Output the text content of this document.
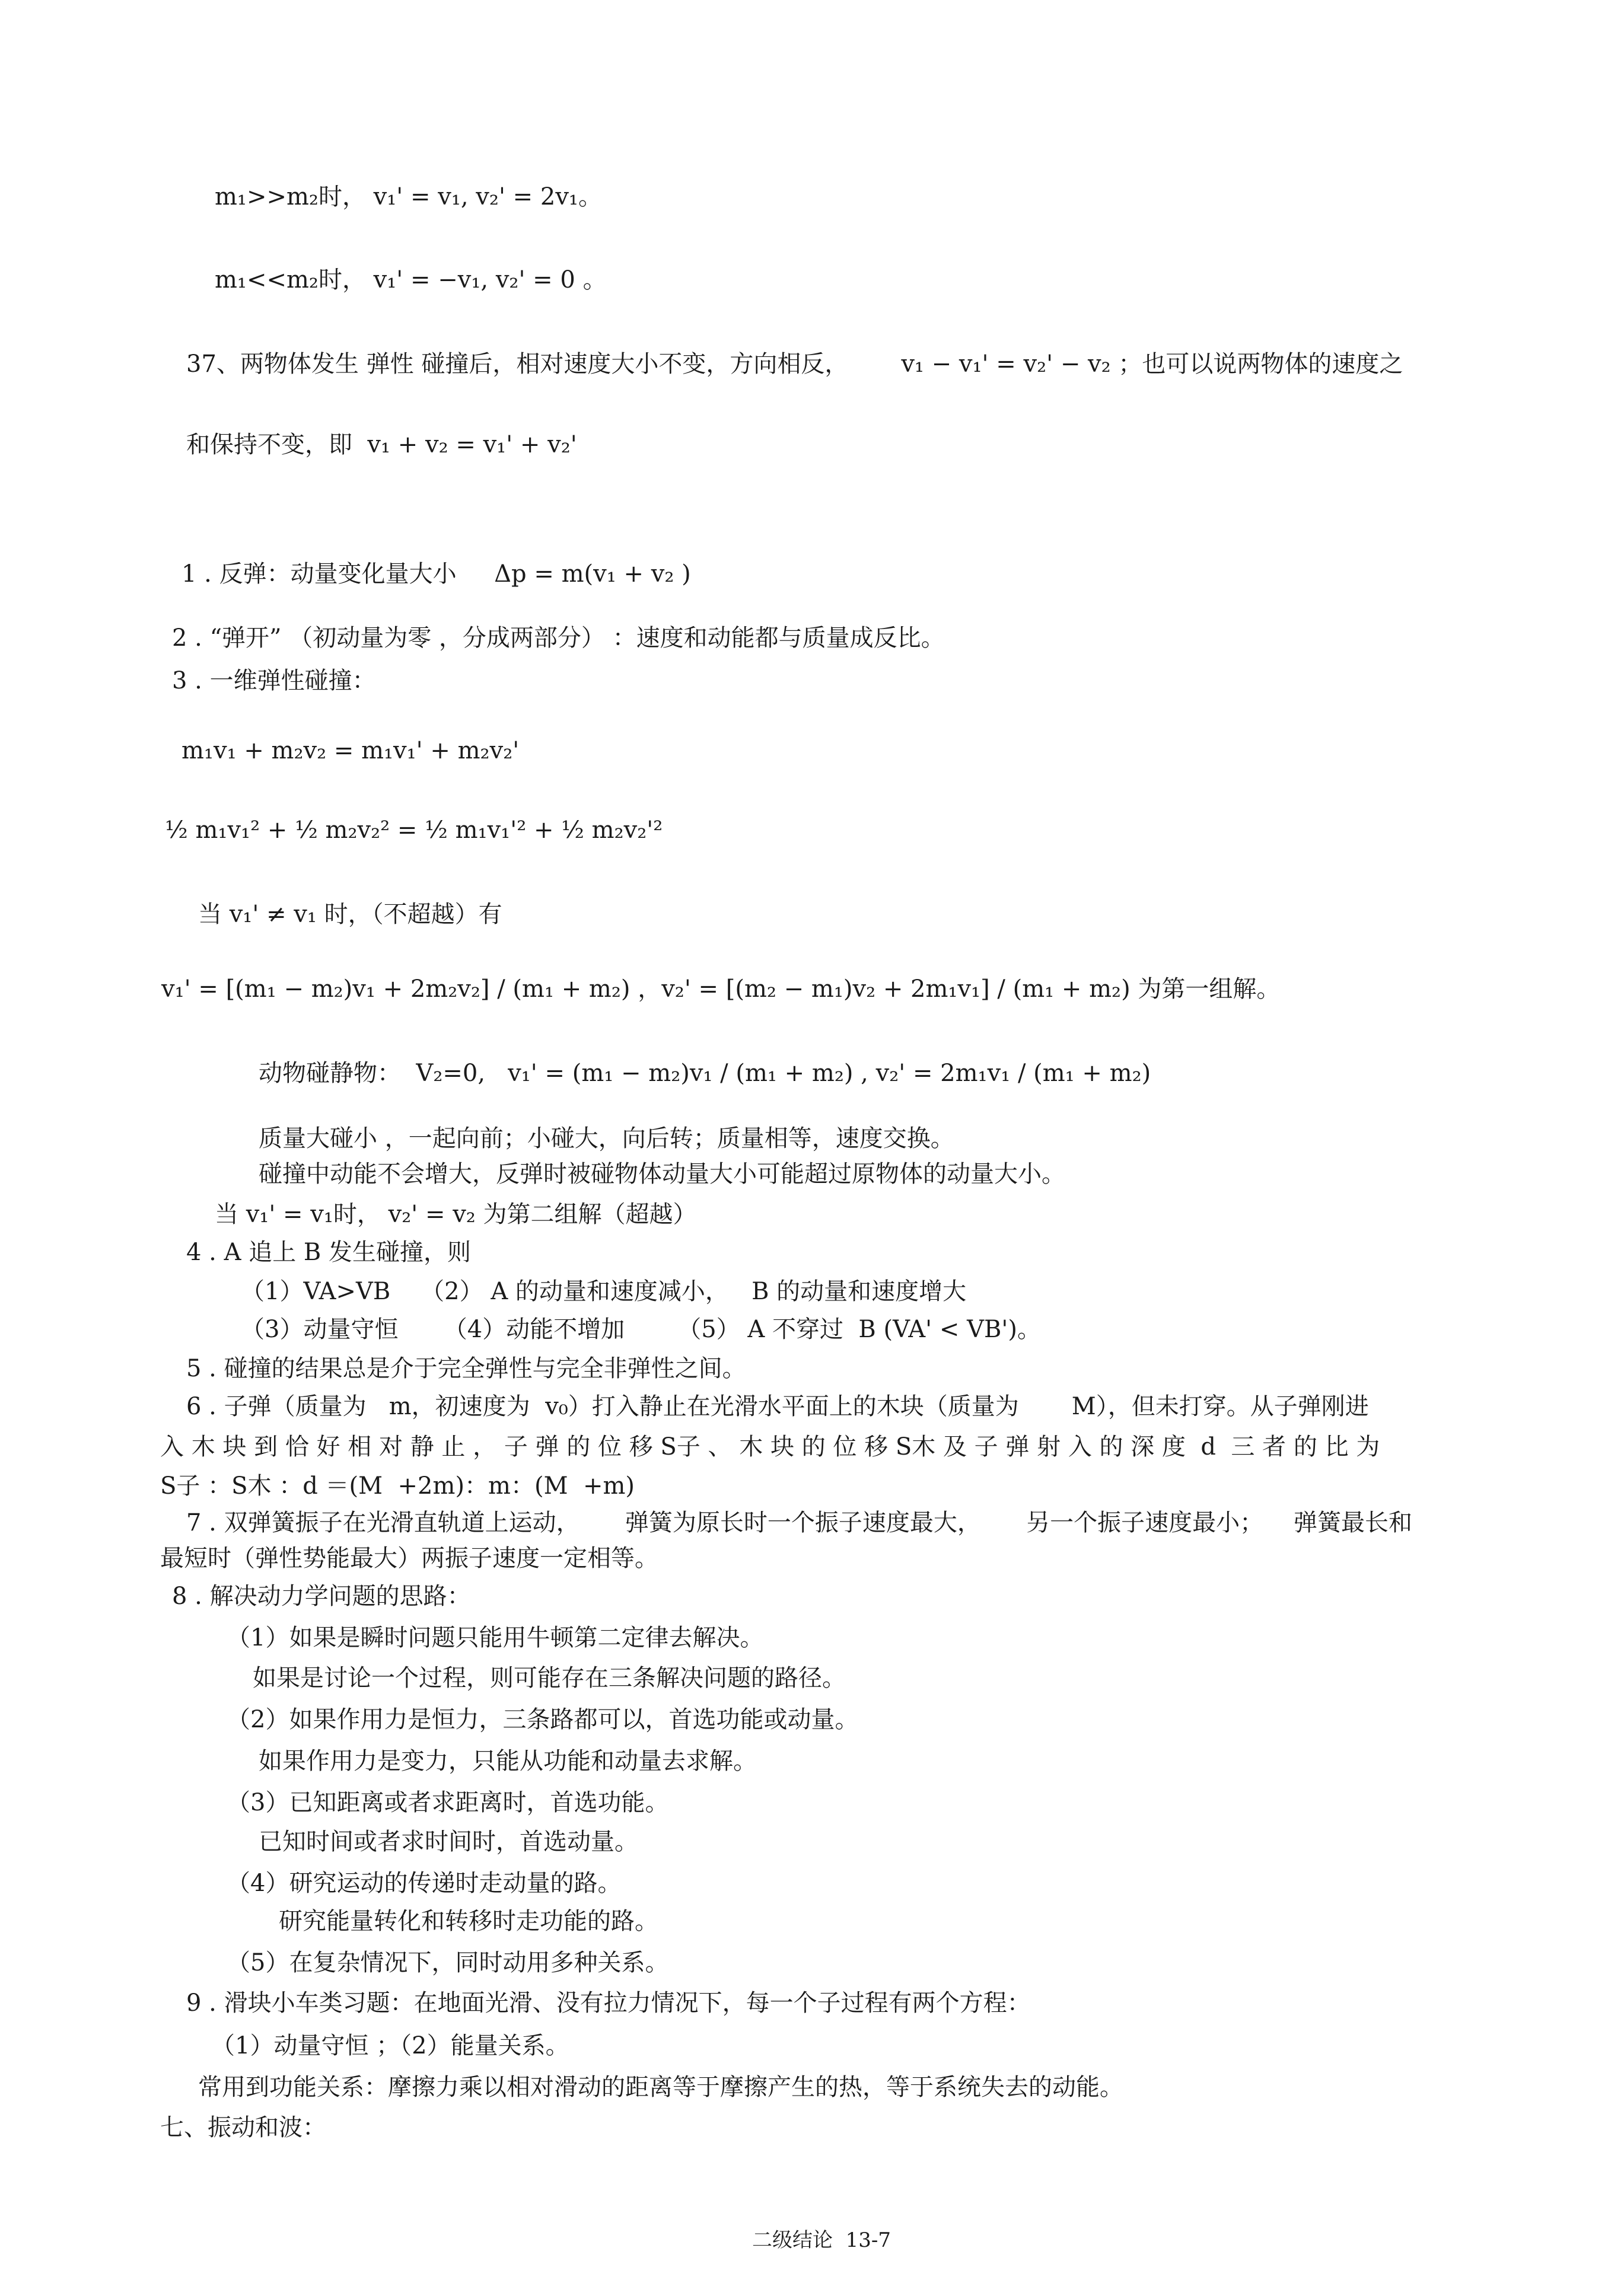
m₁>>m₂时， v₁' = v₁, v₂' = 2v₁。
m₁<<m₂时， v₁' = −v₁, v₂' = 0 。
37、两物体发生 弹性 碰撞后，相对速度大小不变，方向相反，       v₁ − v₁' = v₂' − v₂ ；也可以说两物体的速度之
和保持不变，即  v₁ + v₂ = v₁' + v₂'
1 . 反弹：动量变化量大小     Δp = m(v₁ + v₂ )
2 . “弹开” （初动量为零 ，分成两部分） ：速度和动能都与质量成反比。
3 . 一维弹性碰撞：
m₁v₁ + m₂v₂ = m₁v₁' + m₂v₂'
½ m₁v₁² + ½ m₂v₂² = ½ m₁v₁'² + ½ m₂v₂'²
当 v₁' ≠ v₁ 时，（不超越）有
v₁' = [(m₁ − m₂)v₁ + 2m₂v₂] / (m₁ + m₂) ，v₂' = [(m₂ − m₁)v₂ + 2m₁v₁] / (m₁ + m₂) 为第一组解。
动物碰静物：  V₂=0,   v₁' = (m₁ − m₂)v₁ / (m₁ + m₂) , v₂' = 2m₁v₁ / (m₁ + m₂)
质量大碰小 ，一起向前；小碰大，向后转；质量相等，速度交换。
碰撞中动能不会增大，反弹时被碰物体动量大小可能超过原物体的动量大小。
当 v₁' = v₁时， v₂' = v₂ 为第二组解（超越）
4 . A 追上 B 发生碰撞，则
（1）VA>VB    （2） A 的动量和速度减小，   B 的动量和速度增大
（3）动量守恒      （4）动能不增加       （5） A 不穿过  B (VA' < VB')。
5 . 碰撞的结果总是介于完全弹性与完全非弹性之间。
6 . 子弹（质量为   m，初速度为  v₀）打入静止在光滑水平面上的木块（质量为       M），但未打穿。从子弹刚进
入 木 块 到 恰 好 相 对 静 止 ， 子 弹 的 位 移 S子 、 木 块 的 位 移 S木 及 子 弹 射 入 的 深 度  d  三 者 的 比 为
S子 ：S木 ：d ＝(M  +2m)：m：(M  +m)
7 . 双弹簧振子在光滑直轨道上运动，      弹簧为原长时一个振子速度最大，      另一个振子速度最小；    弹簧最长和
最短时（弹性势能最大）两振子速度一定相等。
8 . 解决动力学问题的思路：
（1）如果是瞬时问题只能用牛顿第二定律去解决。
如果是讨论一个过程，则可能存在三条解决问题的路径。
（2）如果作用力是恒力，三条路都可以，首选功能或动量。
如果作用力是变力，只能从功能和动量去求解。
（3）已知距离或者求距离时，首选功能。
已知时间或者求时间时，首选动量。
（4）研究运动的传递时走动量的路。
研究能量转化和转移时走功能的路。
（5）在复杂情况下，同时动用多种关系。
9 . 滑块小车类习题：在地面光滑、没有拉力情况下，每一个子过程有两个方程：
（1）动量守恒 ；（2）能量关系。
常用到功能关系：摩擦力乘以相对滑动的距离等于摩擦产生的热，等于系统失去的动能。
七、振动和波：
二级结论  13-7
